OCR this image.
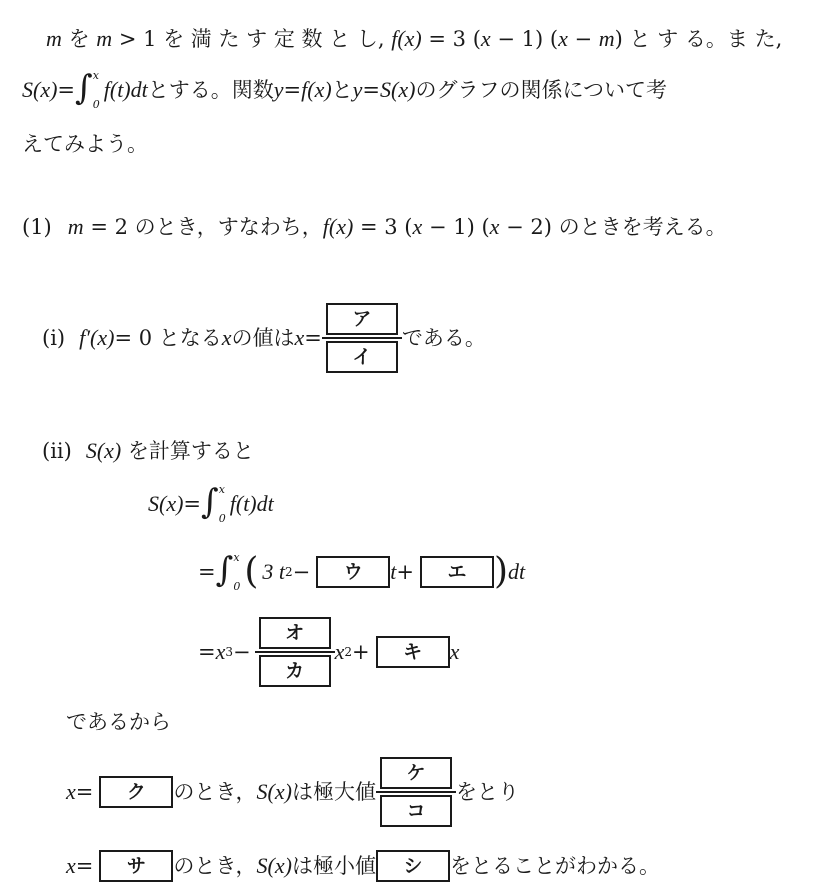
m を m > 1 を 満 た す 定 数 と し, f(x) = 3 (x − 1) (x − m) と す る。ま た,
S(x) = ∫ x
0
f(t)dt とする。関数 y = f(x) と y = S(x) のグラフの関係について考
えてみよう。
(1) m = 2 のとき，すなわち，f(x) = 3 (x − 1) (x − 2) のときを考える。
(i) f′(x) = 0 となる x の値は $x = \frac{\text{ア}}{\text{イ}}$ である。
(ii) S(x) を計算すると
S(x) = ∫ x
0
f(t)dt
= ∫ x
0 ( 3 t 2 −	ウ	t +	エ ) dt
= x $3 - \frac{\text{オ}}{\text{カ}}$ x 2 +	キ	x
であるから
x =	ク	のとき， S(x) は極大値 $\frac{\text{ケ}}{\text{コ}}$ をとり
x =	サ	のとき， S(x) は極小値	シ	をとることがわかる。
